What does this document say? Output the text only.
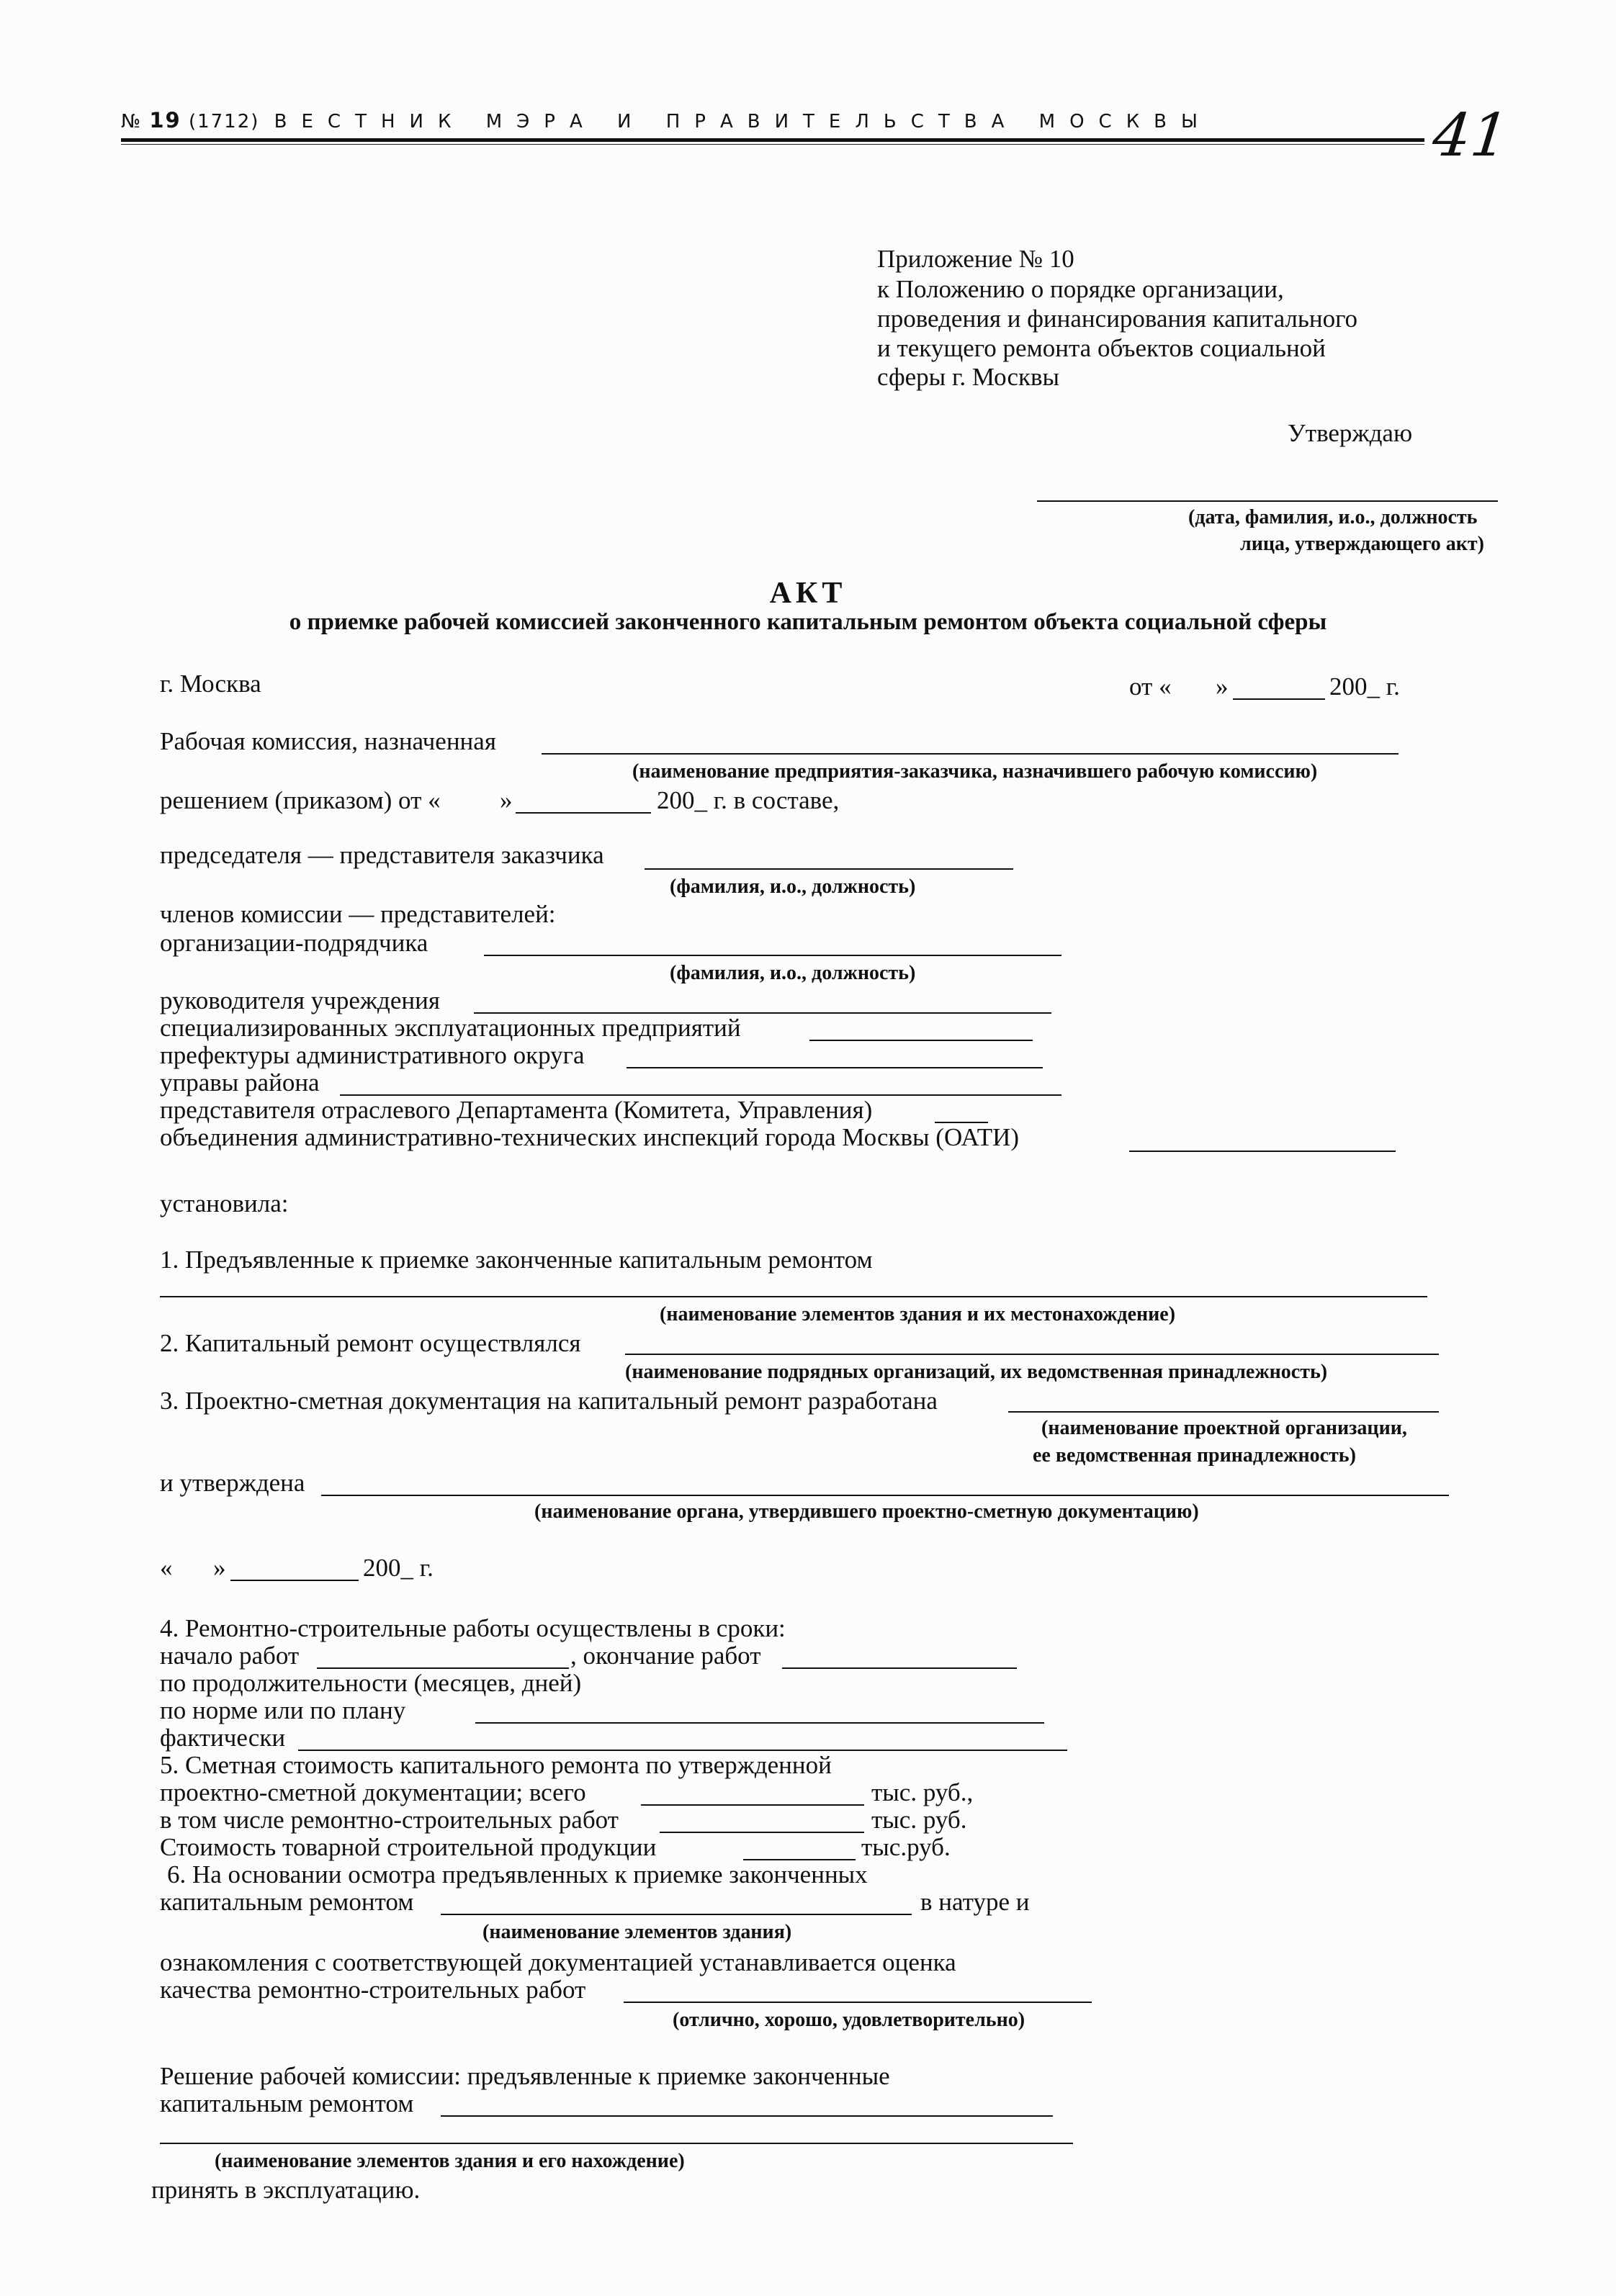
№ 19 (1712) ВЕСТНИК МЭРА И ПРАВИТЕЛЬСТВА МОСКВЫ	41
Приложение № 10
к Положению о порядке организации,
проведения и финансирования капитального
и текущего ремонта объектов социальной
сферы г. Москвы
Утверждаю
(дата, фамилия, и.о., должность
лица, утверждающего акт)
АКТ
о приемке рабочей комиссией законченного капитальным ремонтом объекта социальной сферы
г. Москва	от « »	200_ г.
Рабочая комиссия, назначенная
(наименование предприятия-заказчика, назначившего рабочую комиссию)
решением (приказом) от « »	200_ г. в составе,
председателя — представителя заказчика
(фамилия, и.о., должность)
членов комиссии — представителей:
организации-подрядчика
(фамилия, и.о., должность)
руководителя учреждения
специализированных эксплуатационных предприятий
префектуры административного округа
управы района
представителя отраслевого Департамента (Комитета, Управления)
объединения административно-технических инспекций города Москвы (ОАТИ)
установила:
1. Предъявленные к приемке законченные капитальным ремонтом
(наименование элементов здания и их местонахождение)
2. Капитальный ремонт осуществлялся
(наименование подрядных организаций, их ведомственная принадлежность)
3. Проектно-сметная документация на капитальный ремонт разработана
(наименование проектной организации,
ее ведомственная принадлежность)
и утверждена
(наименование органа, утвердившего проектно-сметную документацию)
« »	200_ г.
4. Ремонтно-строительные работы осуществлены в сроки:
начало работ	, окончание работ
по продолжительности (месяцев, дней)
по норме или по плану
фактически
5. Сметная стоимость капитального ремонта по утвержденной
проектно-сметной документации; всего	тыс. руб.,
в том числе ремонтно-строительных работ	тыс. руб.
Стоимость товарной строительной продукции	тыс.руб.
6. На основании осмотра предъявленных к приемке законченных
капитальным ремонтом	в натуре и
(наименование элементов здания)
ознакомления с соответствующей документацией устанавливается оценка
качества ремонтно-строительных работ
(отлично, хорошо, удовлетворительно)
Решение рабочей комиссии: предъявленные к приемке законченные
капитальным ремонтом
(наименование элементов здания и его нахождение)
принять в эксплуатацию.
